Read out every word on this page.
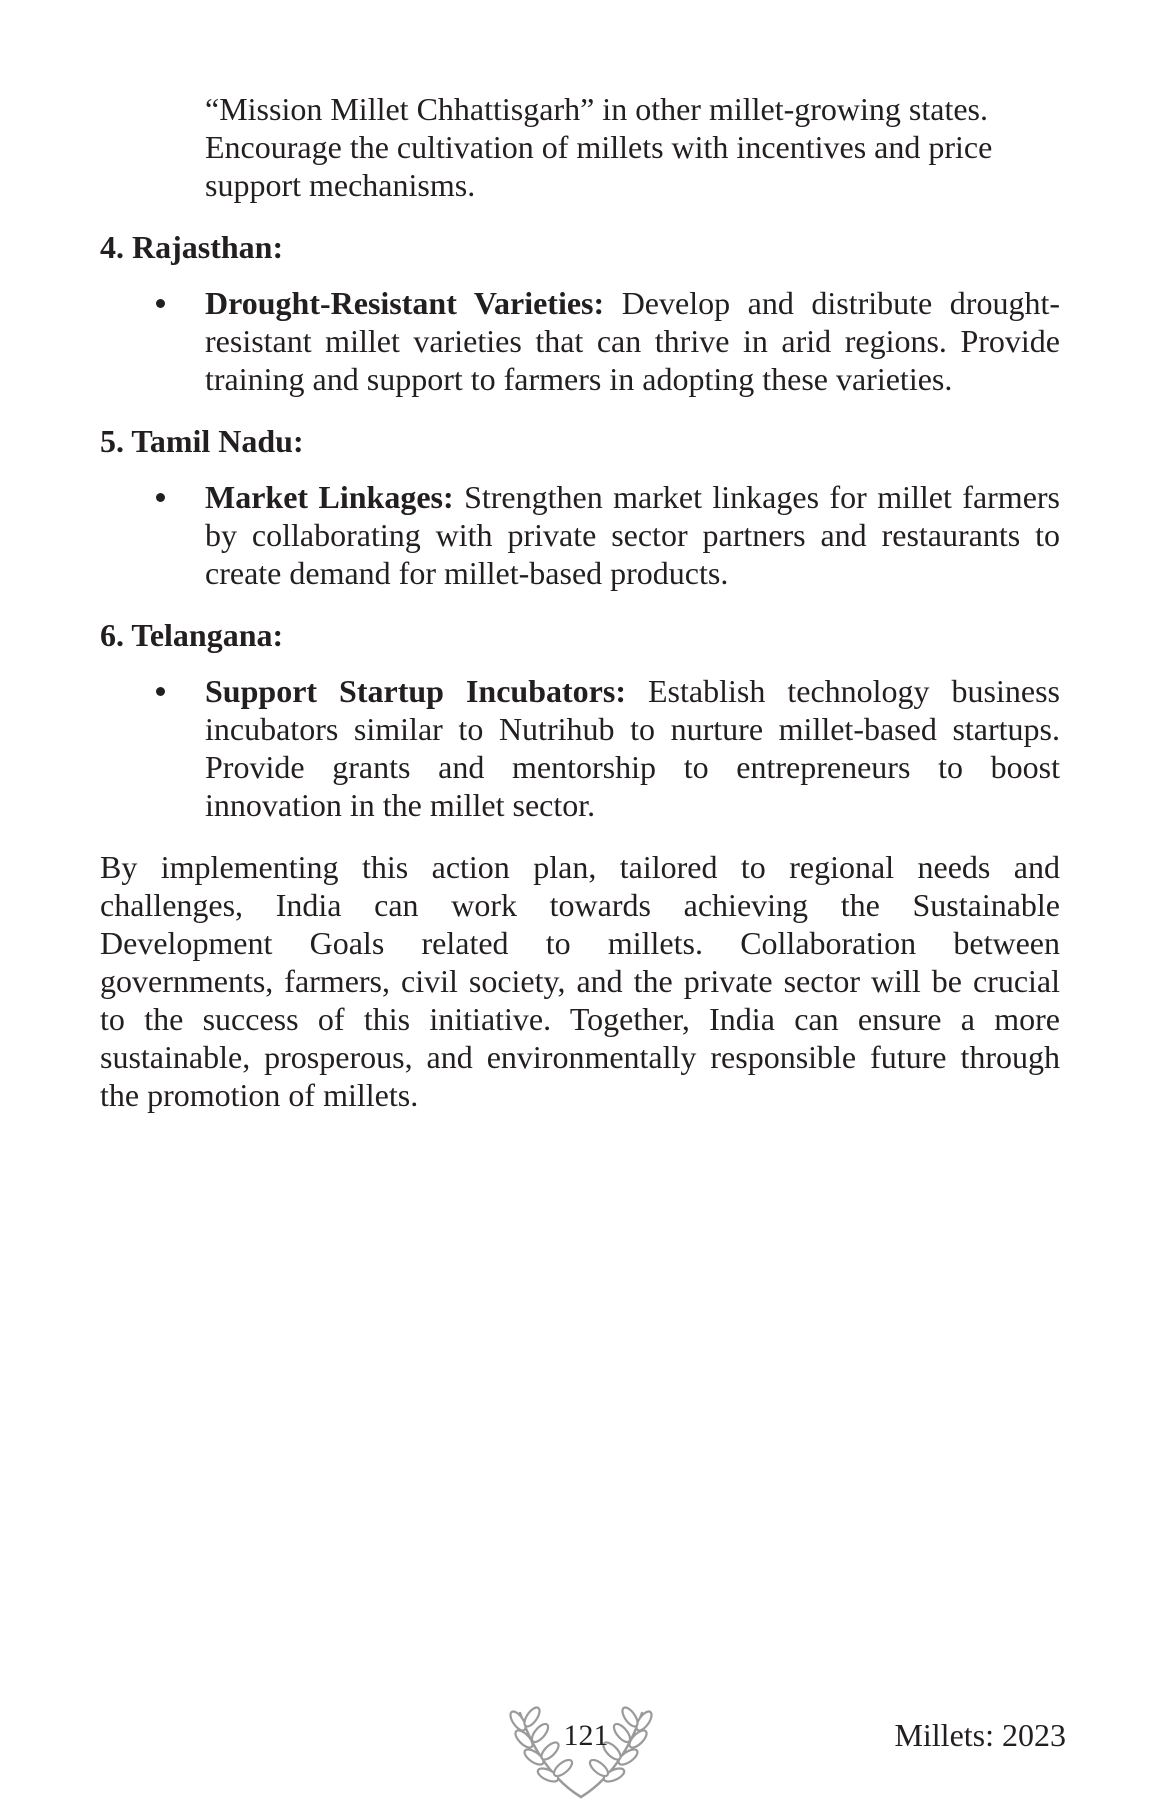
“Mission Millet Chhattisgarh” in other millet-growing states. Encourage the cultivation of millets with incentives and price support mechanisms.
4. Rajasthan:
Drought-Resistant Varieties: Develop and distribute drought-resistant millet varieties that can thrive in arid regions. Provide training and support to farmers in adopting these varieties.
5. Tamil Nadu:
Market Linkages: Strengthen market linkages for millet farmers by collaborating with private sector partners and restaurants to create demand for millet-based products.
6. Telangana:
Support Startup Incubators: Establish technology business incubators similar to Nutrihub to nurture millet-based startups. Provide grants and mentorship to entrepreneurs to boost innovation in the millet sector.
By implementing this action plan, tailored to regional needs and challenges, India can work towards achieving the Sustainable Development Goals related to millets. Collaboration between governments, farmers, civil society, and the private sector will be crucial to the success of this initiative. Together, India can ensure a more sustainable, prosperous, and environmentally responsible future through the promotion of millets.
121	Millets: 2023
